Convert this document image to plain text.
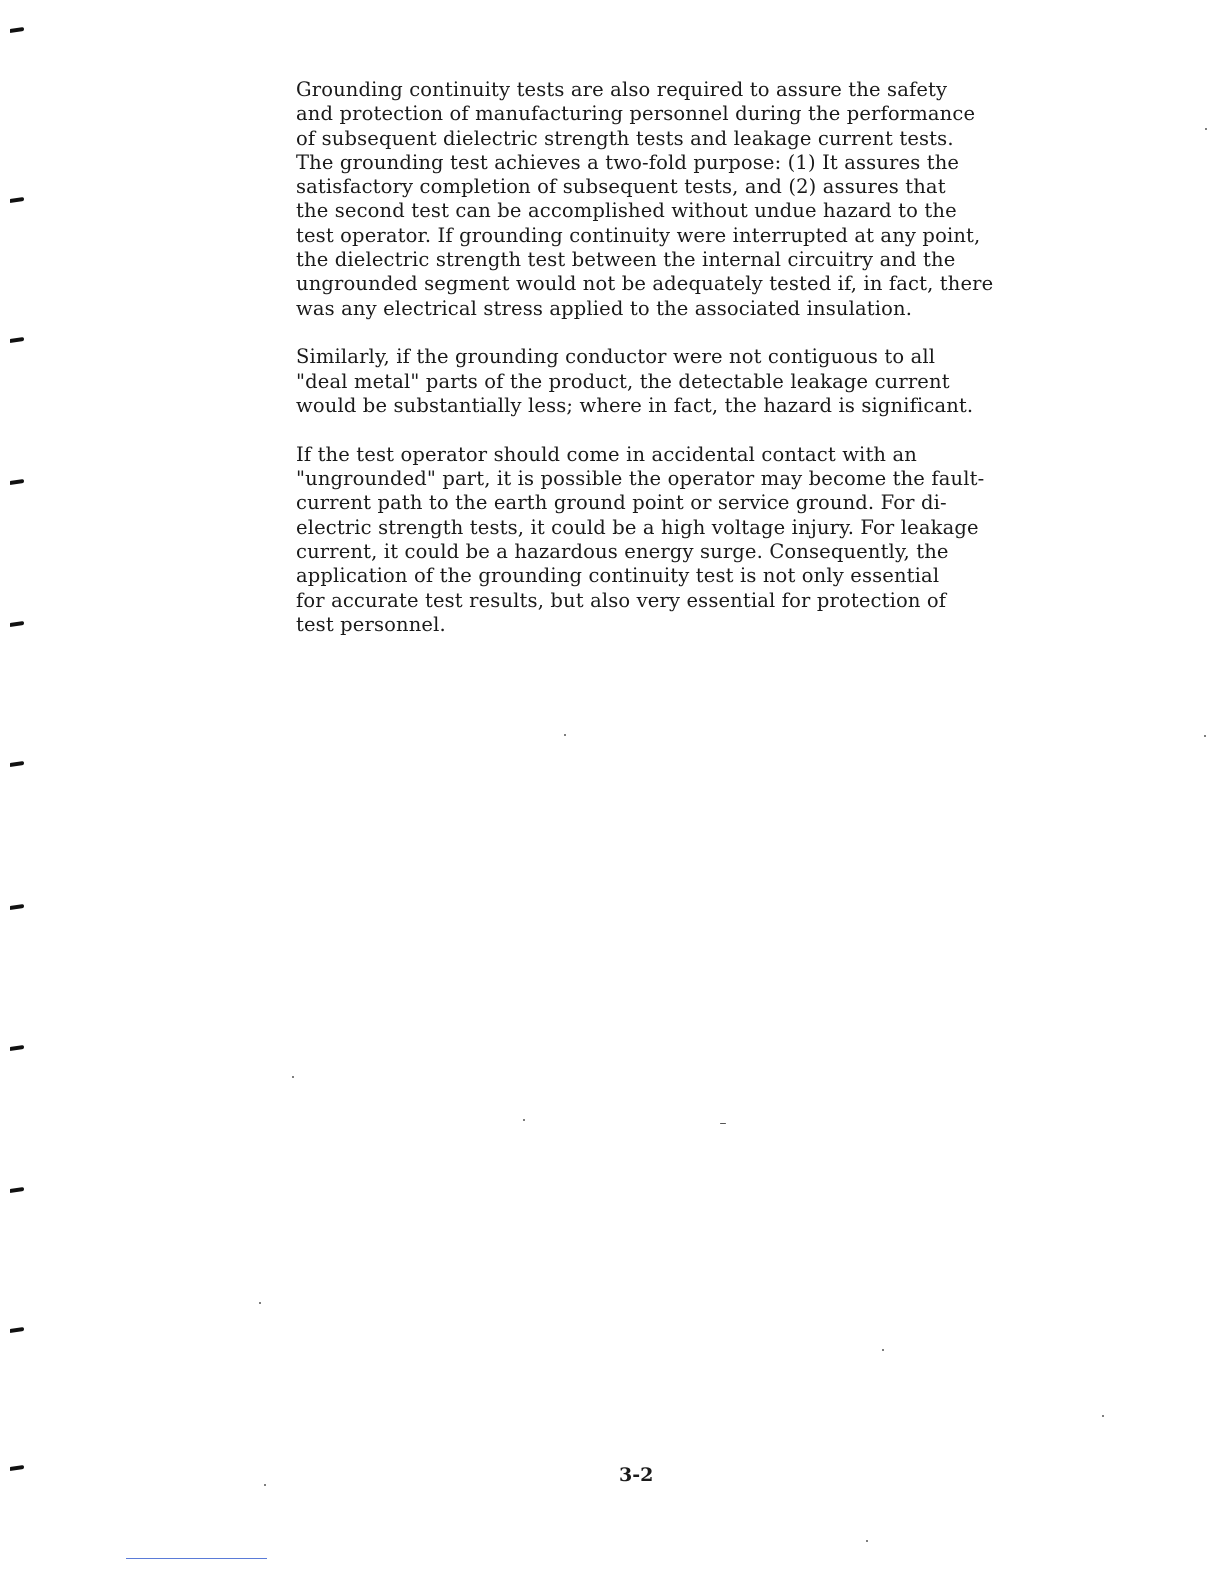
Grounding continuity tests are also required to assure the safety
and protection of manufacturing personnel during the performance
of subsequent dielectric strength tests and leakage current tests.
The grounding test achieves a two-fold purpose: (1) It assures the
satisfactory completion of subsequent tests, and (2) assures that
the second test can be accomplished without undue hazard to the
test operator. If grounding continuity were interrupted at any point,
the dielectric strength test between the internal circuitry and the
ungrounded segment would not be adequately tested if, in fact, there
was any electrical stress applied to the associated insulation.
Similarly, if the grounding conductor were not contiguous to all
"deal metal" parts of the product, the detectable leakage current
would be substantially less; where in fact, the hazard is significant.
If the test operator should come in accidental contact with an
"ungrounded" part, it is possible the operator may become the fault-
current path to the earth ground point or service ground. For di-
electric strength tests, it could be a high voltage injury. For leakage
current, it could be a hazardous energy surge. Consequently, the
application of the grounding continuity test is not only essential
for accurate test results, but also very essential for protection of
test personnel.
3-2
